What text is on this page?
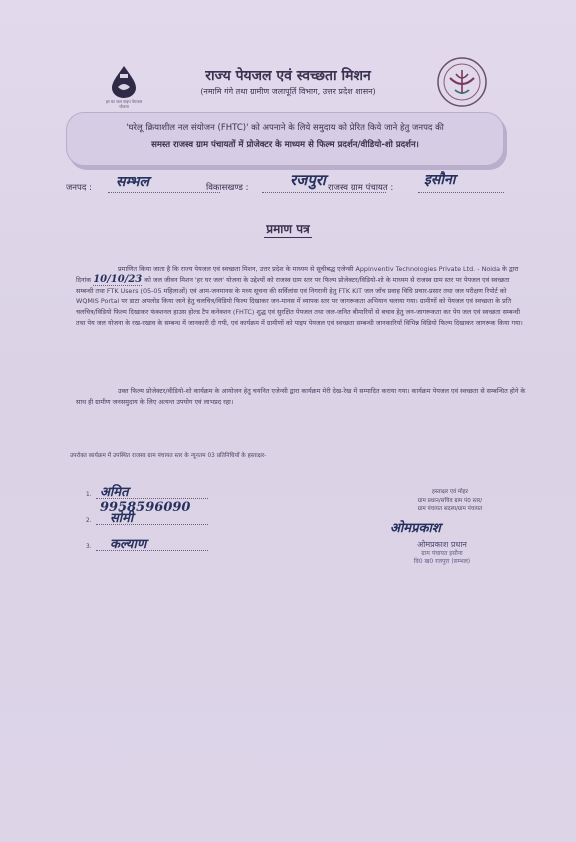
हर घर जल पाइप पेयजल योजना
राज्य पेयजल एवं स्वच्छता मिशन
(नमामि गंगे तथा ग्रामीण जलापूर्ति विभाग, उत्तर प्रदेश शासन)
'घरेलू क्रियाशील नल संयोजन (FHTC)' को अपनाने के लिये समुदाय को प्रेरित किये जाने हेतु जनपद की
समस्त राजस्व ग्राम पंचायतों में प्रोजेक्टर के माध्यम से फिल्म प्रदर्शन/वीडियो-शो प्रदर्शन।
जनपद : सम्भल	विकासखण्ड :	रजपुरा राजस्व ग्राम पंचायत : इसौना
प्रमाण पत्र
प्रमाणित किया जाता है कि राज्य पेयजल एवं स्वच्छता मिशन, उत्तर प्रदेश के माध्यम से सूचीबद्ध एजेन्सी Appinventiv Technologies Private Ltd. - Noida के द्वारा दिनांक 10/10/23 को जल जीवन मिशन 'हर घर जल' योजना के उद्देश्यों को राजस्व ग्राम स्तर पर फिल्म प्रोजेक्टर/विडियो-शो के माध्यम से राजस्व ग्राम स्तर पर पेयजल एवं स्वच्छता सम्बन्धी तथा FTK Users (05-05 महिलाओं) एवं आम-जनमानस के मध्य सूचना की सर्विलांस एवं निगरानी हेतु FTK KIT जल जाँच प्रवाह विधि प्रचार-प्रसार तथा जल परीक्षण रिपोर्ट को WQMIS Portal पर डाटा अपलोड किया जाने हेतु चलचित्र/विडियो फिल्म दिखाकर जन-मानस में व्यापक स्तर पर जागरूकता अभियान चलाया गया। ग्रामीणों को पेयजल एवं स्वच्छता के प्रति चलचित्र/विडियो फिल्म दिखाकर फंक्शनल हाउस होल्ड टैप कनेक्शन (FHTC) शुद्ध एवं सुरक्षित पेयजल तथा जल-जनित बीमारियों से बचाव हेतु जन-जागरूकता कर पेय जल एवं स्वच्छता सम्बन्धी तथा पेय जल योजना के रख-रखाव के सम्बन्ध में जानकारी दी गयी, एवं कार्यक्रम में ग्रामीणों को पाइप पेयजल एवं स्वच्छता सम्बन्धी जानकारियाँ विभिन्न विडियो फिल्म दिखाकर जागरूक किया गया।
उक्त फिल्म प्रोजेक्टर/वीडियो-शो कार्यक्रम के आयोजन हेतु चयनित एजेन्सी द्वारा कार्यक्रम मेरी देख-रेख में सम्पादित कराया गया। कार्यक्रम पेयजल एवं स्वच्छता से सम्बन्धित होने के साथ ही ग्रामीण जनसमुदाय के लिए अत्यन्त उपयोग एवं लाभप्रद रहा।
उपरोक्त कार्यक्रम में उपस्थित राजस्व ग्राम पंचायत स्तर के न्यूनतम 03 प्रतिनिधियों के हस्ताक्षर-
1. अमित 9958596090
2. सोमी
3. कल्याण
हस्ताक्षर एवं मोहर
ग्राम प्रधान/सचिव ग्राम पं0 स्तर/
ग्राम पंचायत सदस्य/ग्राम पंचायत
ओमप्रकाश
ओमप्रकाश प्रधान
ग्राम पंचायत इसौना
वि0 ख0 रजपुरा (सम्भल)
